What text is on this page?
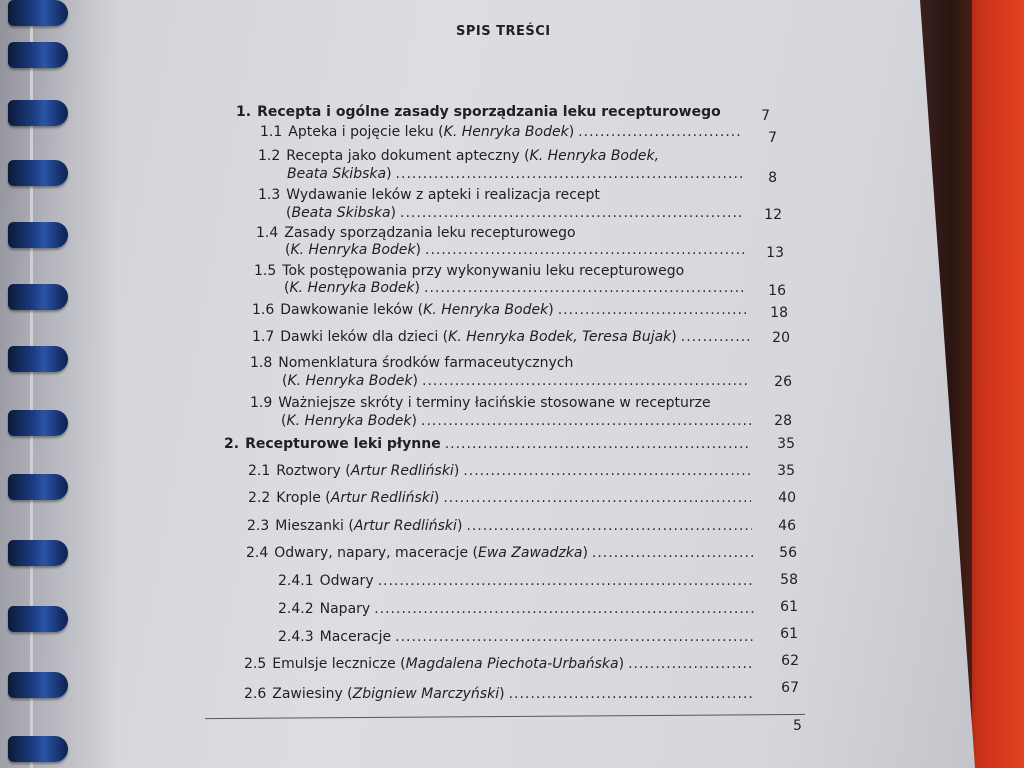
SPIS TREŚCI
1. Recepta i ogólne zasady sporządzania leku recepturowego	7
1.1 Apteka i pojęcie leku ( K. Henryka Bodek ) .....	7
1.2 Recepta jako dokument apteczny ( K. Henryka Bodek,
Beata Skibska ) .....	8
1.3 Wydawanie leków z apteki i realizacja recept
( Beata Skibska ) .....	12
1.4 Zasady sporządzania leku recepturowego
( K. Henryka Bodek ) .....	13
1.5 Tok postępowania przy wykonywaniu leku recepturowego
( K. Henryka Bodek ) .....	16
1.6 Dawkowanie leków ( K. Henryka Bodek ) .....	18
1.7 Dawki leków dla dzieci ( K. Henryka Bodek, Teresa Bujak ) .....	20
1.8 Nomenklatura środków farmaceutycznych
( K. Henryka Bodek ) .....	26
1.9 Ważniejsze skróty i terminy łacińskie stosowane w recepturze
( K. Henryka Bodek ) .....	28
2. Recepturowe leki płynne .....	35
2.1 Roztwory ( Artur Redliński ) .....	35
2.2 Krople ( Artur Redliński ) .....	40
2.3 Mieszanki ( Artur Redliński ) .....	46
2.4 Odwary, napary, maceracje ( Ewa Zawadzka ) .....	56
2.4.1 Odwary .....	58
2.4.2 Napary .....	61
2.4.3 Maceracje .....	61
2.5 Emulsje lecznicze ( Magdalena Piechota-Urbańska ) .....	62
2.6 Zawiesiny ( Zbigniew Marczyński ) .....	67
5
